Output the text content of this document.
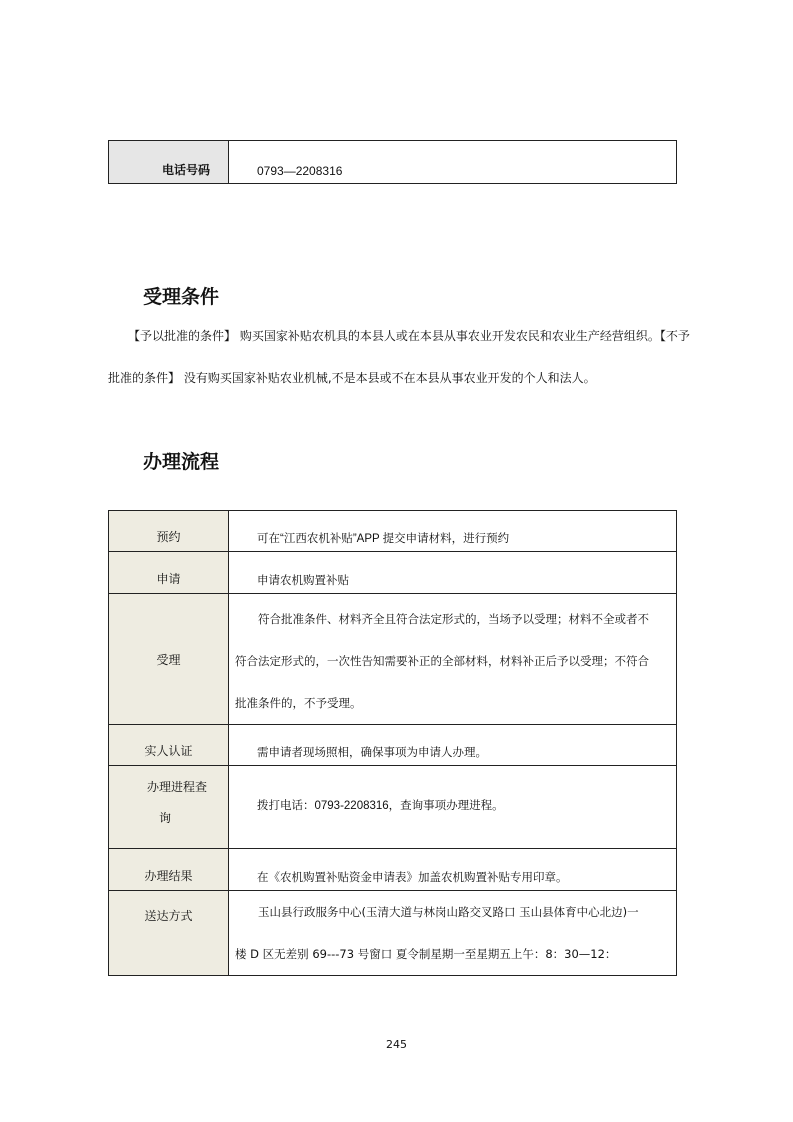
电话号码	0793—2208316
受理条件

【予以批准的条件】 购买国家补贴农机具的本县人或在本县从事农业开发农民和农业生产经营组织。【不予

批准的条件】 没有购买国家补贴农业机械,不是本县或不在本县从事农业开发的个人和法人。

办理流程
预约	可在“江西农机补贴”APP 提交申请材料，进行预约
申请	申请农机购置补贴
受理	符合批准条件、材料齐全且符合法定形式的，当场予以受理；材料不全或者不
符合法定形式的，一次性告知需要补正的全部材料，材料补正后予以受理；不符合
批准条件的，不予受理。

实人认证	需申请者现场照相，确保事项为申请人办理。

办理进程查
询	拨打电话：0793-2208316，查询事项办理进程。
办理结果	在《农机购置补贴资金申请表》加盖农机购置补贴专用印章。
送达方式	玉山县行政服务中心(玉清大道与林岗山路交叉路口 玉山县体育中心北边)一
楼 D 区无差别 69---73 号窗口 夏令制星期一至星期五上午：8：30—12：
245
